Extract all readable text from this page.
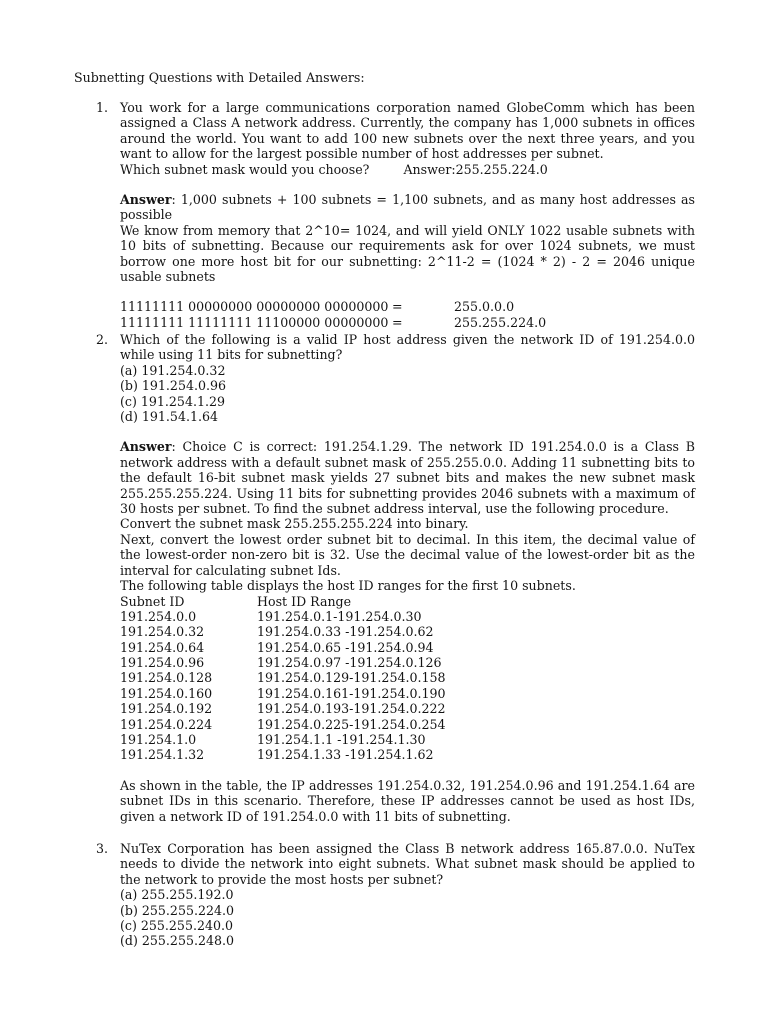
Subnetting Questions with Detailed Answers:
1. You work for a large communications corporation named GlobeComm which has been assigned a Class A network address. Currently, the company has 1,000 subnets in offices around the world. You want to add 100 new subnets over the next three years, and you want to allow for the largest possible number of host addresses per subnet.
Which subnet mask would you choose?	Answer:255.255.224.0
Answer: 1,000 subnets + 100 subnets = 1,100 subnets, and as many host addresses as possible
We know from memory that 2^10= 1024, and will yield ONLY 1022 usable subnets with 10 bits of subnetting. Because our requirements ask for over 1024 subnets, we must borrow one more host bit for our subnetting: 2^11-2 = (1024 * 2) - 2 = 2046 unique usable subnets
11111111 00000000 00000000 00000000 =	255.0.0.0
11111111 11111111 11100000 00000000 =	255.255.224.0
2. Which of the following is a valid IP host address given the network ID of 191.254.0.0 while using 11 bits for subnetting?
(a) 191.254.0.32
(b) 191.254.0.96
(c) 191.254.1.29
(d) 191.54.1.64
Answer: Choice C is correct: 191.254.1.29. The network ID 191.254.0.0 is a Class B network address with a default subnet mask of 255.255.0.0. Adding 11 subnetting bits to the default 16-bit subnet mask yields 27 subnet bits and makes the new subnet mask 255.255.255.224. Using 11 bits for subnetting provides 2046 subnets with a maximum of 30 hosts per subnet. To find the subnet address interval, use the following procedure.
Convert the subnet mask 255.255.255.224 into binary.
Next, convert the lowest order subnet bit to decimal. In this item, the decimal value of the lowest-order non-zero bit is 32. Use the decimal value of the lowest-order bit as the interval for calculating subnet Ids.
The following table displays the host ID ranges for the first 10 subnets.
Subnet ID	Host ID Range
191.254.0.0	191.254.0.1-191.254.0.30
191.254.0.32	191.254.0.33 -191.254.0.62
191.254.0.64	191.254.0.65 -191.254.0.94
191.254.0.96	191.254.0.97 -191.254.0.126
191.254.0.128	191.254.0.129-191.254.0.158
191.254.0.160	191.254.0.161-191.254.0.190
191.254.0.192	191.254.0.193-191.254.0.222
191.254.0.224	191.254.0.225-191.254.0.254
191.254.1.0	191.254.1.1 -191.254.1.30
191.254.1.32	191.254.1.33 -191.254.1.62
As shown in the table, the IP addresses 191.254.0.32, 191.254.0.96 and 191.254.1.64 are subnet IDs in this scenario. Therefore, these IP addresses cannot be used as host IDs, given a network ID of 191.254.0.0 with 11 bits of subnetting.
3. NuTex Corporation has been assigned the Class B network address 165.87.0.0. NuTex needs to divide the network into eight subnets. What subnet mask should be applied to the network to provide the most hosts per subnet?
(a) 255.255.192.0
(b) 255.255.224.0
(c) 255.255.240.0
(d) 255.255.248.0
